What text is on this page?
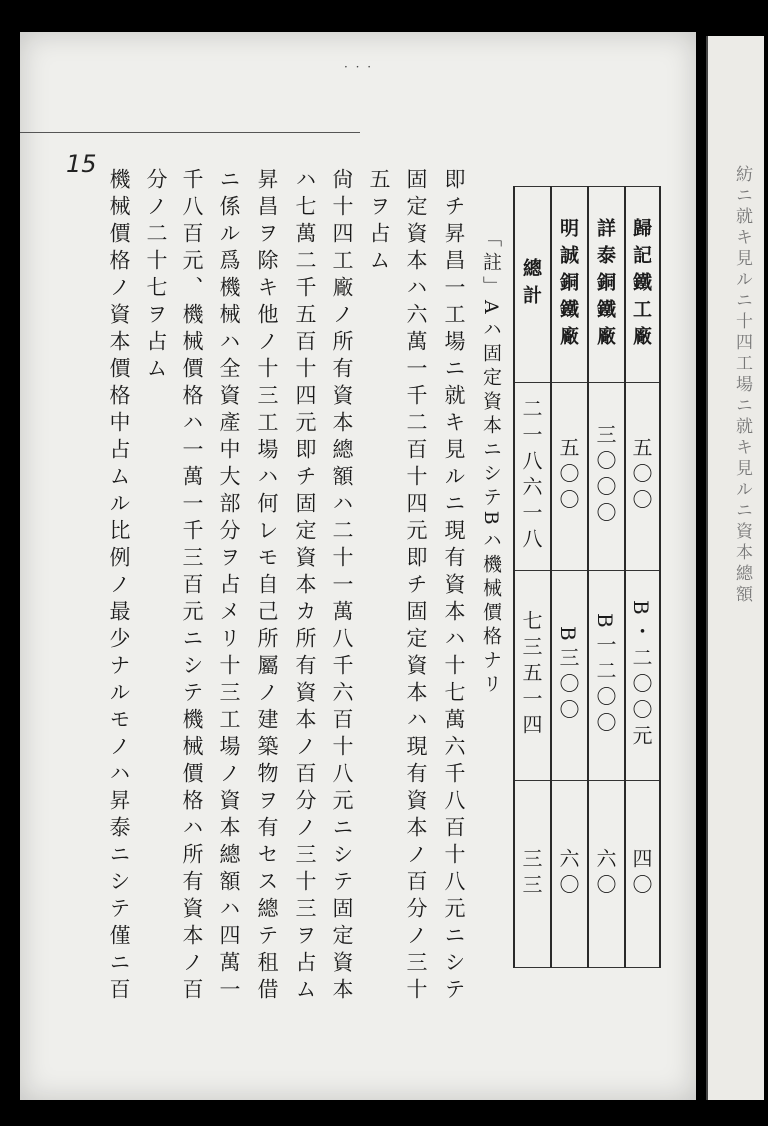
紡ニ就キ見ルニ十四工場ニ就キ見ルニ資本總額
· · ·
15
歸記鐵工廠
詳泰銅鐵廠
明誠銅鐵廠
總計
五〇〇
三〇〇〇
五〇〇
二一八六一八
B・二〇〇元
B一二〇〇
B三〇〇
七三五一四
四〇
六〇
六〇
三三
「註」Aハ固定資本ニシテBハ機械價格ナリ
即チ昇昌一工場ニ就キ見ルニ現有資本ハ十七萬六千八百十八元ニシテ
固定資本ハ六萬一千二百十四元即チ固定資本ハ現有資本ノ百分ノ三十
五ヲ占ム
尙十四工廠ノ所有資本總額ハ二十一萬八千六百十八元ニシテ固定資本
ハ七萬二千五百十四元即チ固定資本カ所有資本ノ百分ノ三十三ヲ占ム
昇昌ヲ除キ他ノ十三工場ハ何レモ自己所屬ノ建築物ヲ有セス總テ租借
ニ係ル爲機械ハ全資產中大部分ヲ占メリ十三工場ノ資本總額ハ四萬一
千八百元、機械價格ハ一萬一千三百元ニシテ機械價格ハ所有資本ノ百
分ノ二十七ヲ占ム
機械價格ノ資本價格中占ムル比例ノ最少ナルモノハ昇泰ニシテ僅ニ百
